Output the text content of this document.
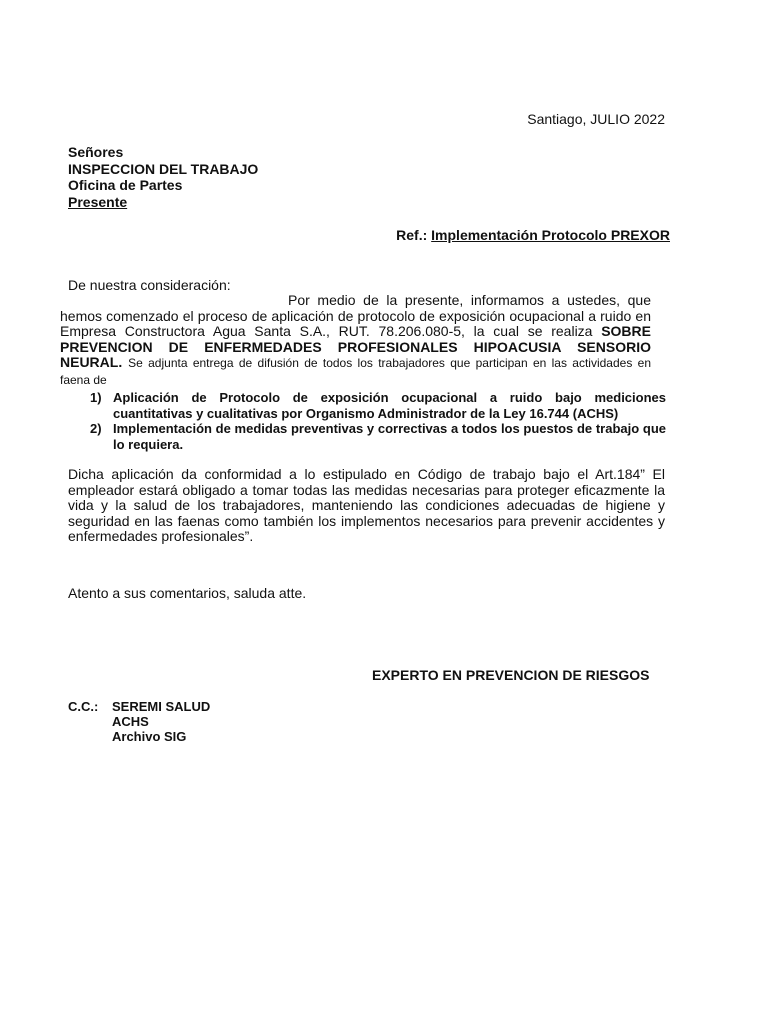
Santiago, JULIO 2022
Señores
INSPECCION DEL TRABAJO
Oficina de Partes
Presente
Ref.: Implementación Protocolo PREXOR
De nuestra consideración:
Por medio de la presente, informamos a ustedes, que hemos comenzado el proceso de aplicación de protocolo de exposición ocupacional a ruido en Empresa Constructora Agua Santa S.A., RUT. 78.206.080-5, la cual se realiza SOBRE PREVENCION DE ENFERMEDADES PROFESIONALES HIPOACUSIA SENSORIO NEURAL. Se adjunta entrega de difusión de todos los trabajadores que participan en las actividades en faena de
1) Aplicación de Protocolo de exposición ocupacional a ruido bajo mediciones cuantitativas y cualitativas por Organismo Administrador de la Ley 16.744 (ACHS)
2) Implementación de medidas preventivas y correctivas a todos los puestos de trabajo que lo requiera.
Dicha aplicación da conformidad a lo estipulado en Código de trabajo bajo el Art.184” El empleador estará obligado a tomar todas las medidas necesarias para proteger eficazmente la vida y la salud de los trabajadores, manteniendo las condiciones adecuadas de higiene y seguridad en las faenas como también los implementos necesarios para prevenir accidentes y enfermedades profesionales”.
Atento a sus comentarios, saluda atte.
EXPERTO EN PREVENCION DE RIESGOS
C.C.:	SEREMI SALUD
ACHS
Archivo SIG
